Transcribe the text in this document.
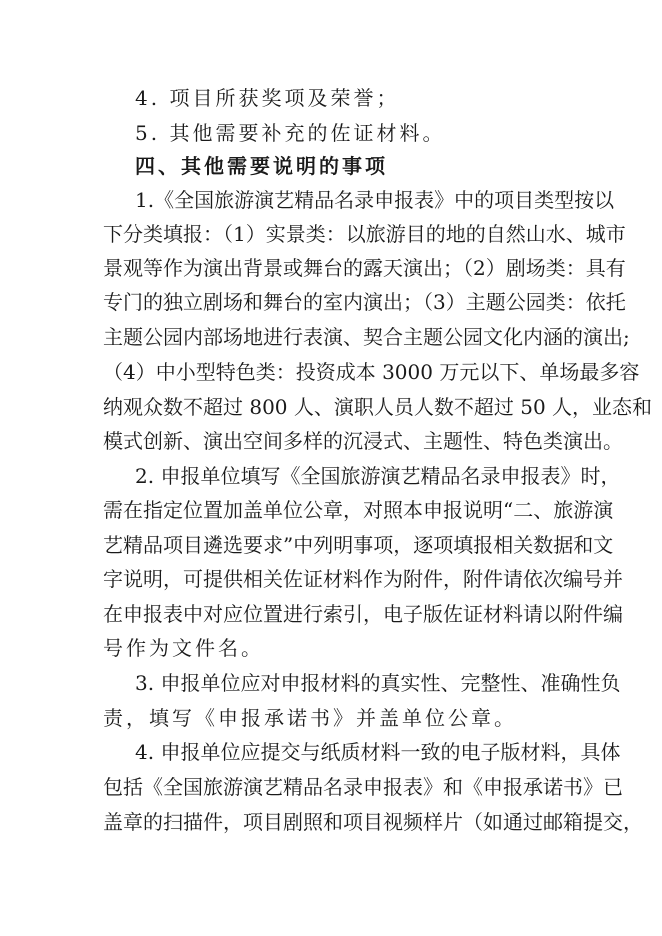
4. 项目所获奖项及荣誉；
5. 其他需要补充的佐证材料。
四、其他需要说明的事项
1.《全国旅游演艺精品名录申报表》中的项目类型按以
下分类填报：（1）实景类：以旅游目的地的自然山水、城市
景观等作为演出背景或舞台的露天演出；（2）剧场类：具有
专门的独立剧场和舞台的室内演出；（3）主题公园类：依托
主题公园内部场地进行表演、契合主题公园文化内涵的演出;
（4）中小型特色类：投资成本 3000 万元以下、单场最多容
纳观众数不超过 800 人、演职人员人数不超过 50 人，业态和
模式创新、演出空间多样的沉浸式、主题性、特色类演出。
2. 申报单位填写《全国旅游演艺精品名录申报表》时，
需在指定位置加盖单位公章，对照本申报说明“二、旅游演
艺精品项目遴选要求”中列明事项，逐项填报相关数据和文
字说明，可提供相关佐证材料作为附件，附件请依次编号并
在申报表中对应位置进行索引，电子版佐证材料请以附件编
号作为文件名。
3. 申报单位应对申报材料的真实性、完整性、准确性负
责，填写《申报承诺书》并盖单位公章。
4. 申报单位应提交与纸质材料一致的电子版材料，具体
包括《全国旅游演艺精品名录申报表》和《申报承诺书》已
盖章的扫描件，项目剧照和项目视频样片（如通过邮箱提交，
